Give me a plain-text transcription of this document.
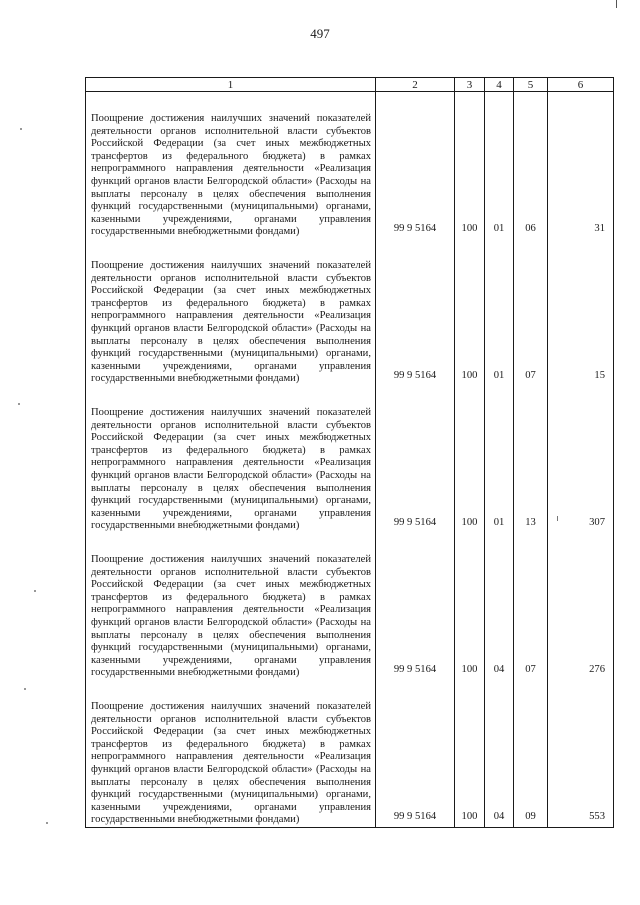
497
1	2	3	4	5	6
Поощрение достижения наилучших значений показателей деятельности органов исполнительной власти субъектов Российской Федерации (за счет иных межбюджетных трансфертов из федерального бюджета) в рамках непрограммного направления деятельности «Реализация функций органов власти Белгородской области» (Расходы на выплаты персоналу в целях обеспечения выполнения функций государственными (муниципальными) органами, казенными учреждениями, органами управления государственными внебюджетными фондами)	99 9 5164	100	01	06	31
Поощрение достижения наилучших значений показателей деятельности органов исполнительной власти субъектов Российской Федерации (за счет иных межбюджетных трансфертов из федерального бюджета) в рамках непрограммного направления деятельности «Реализация функций органов власти Белгородской области» (Расходы на выплаты персоналу в целях обеспечения выполнения функций государственными (муниципальными) органами, казенными учреждениями, органами управления государственными внебюджетными фондами)	99 9 5164	100	01	07	15
Поощрение достижения наилучших значений показателей деятельности органов исполнительной власти субъектов Российской Федерации (за счет иных межбюджетных трансфертов из федерального бюджета) в рамках непрограммного направления деятельности «Реализация функций органов власти Белгородской области» (Расходы на выплаты персоналу в целях обеспечения выполнения функций государственными (муниципальными) органами, казенными учреждениями, органами управления государственными внебюджетными фондами)	99 9 5164	100	01	13	307
Поощрение достижения наилучших значений показателей деятельности органов исполнительной власти субъектов Российской Федерации (за счет иных межбюджетных трансфертов из федерального бюджета) в рамках непрограммного направления деятельности «Реализация функций органов власти Белгородской области» (Расходы на выплаты персоналу в целях обеспечения выполнения функций государственными (муниципальными) органами, казенными учреждениями, органами управления государственными внебюджетными фондами)	99 9 5164	100	04	07	276
Поощрение достижения наилучших значений показателей деятельности органов исполнительной власти субъектов Российской Федерации (за счет иных межбюджетных трансфертов из федерального бюджета) в рамках непрограммного направления деятельности «Реализация функций органов власти Белгородской области» (Расходы на выплаты персоналу в целях обеспечения выполнения функций государственными (муниципальными) органами, казенными учреждениями, органами управления государственными внебюджетными фондами)	99 9 5164	100	04	09	553
